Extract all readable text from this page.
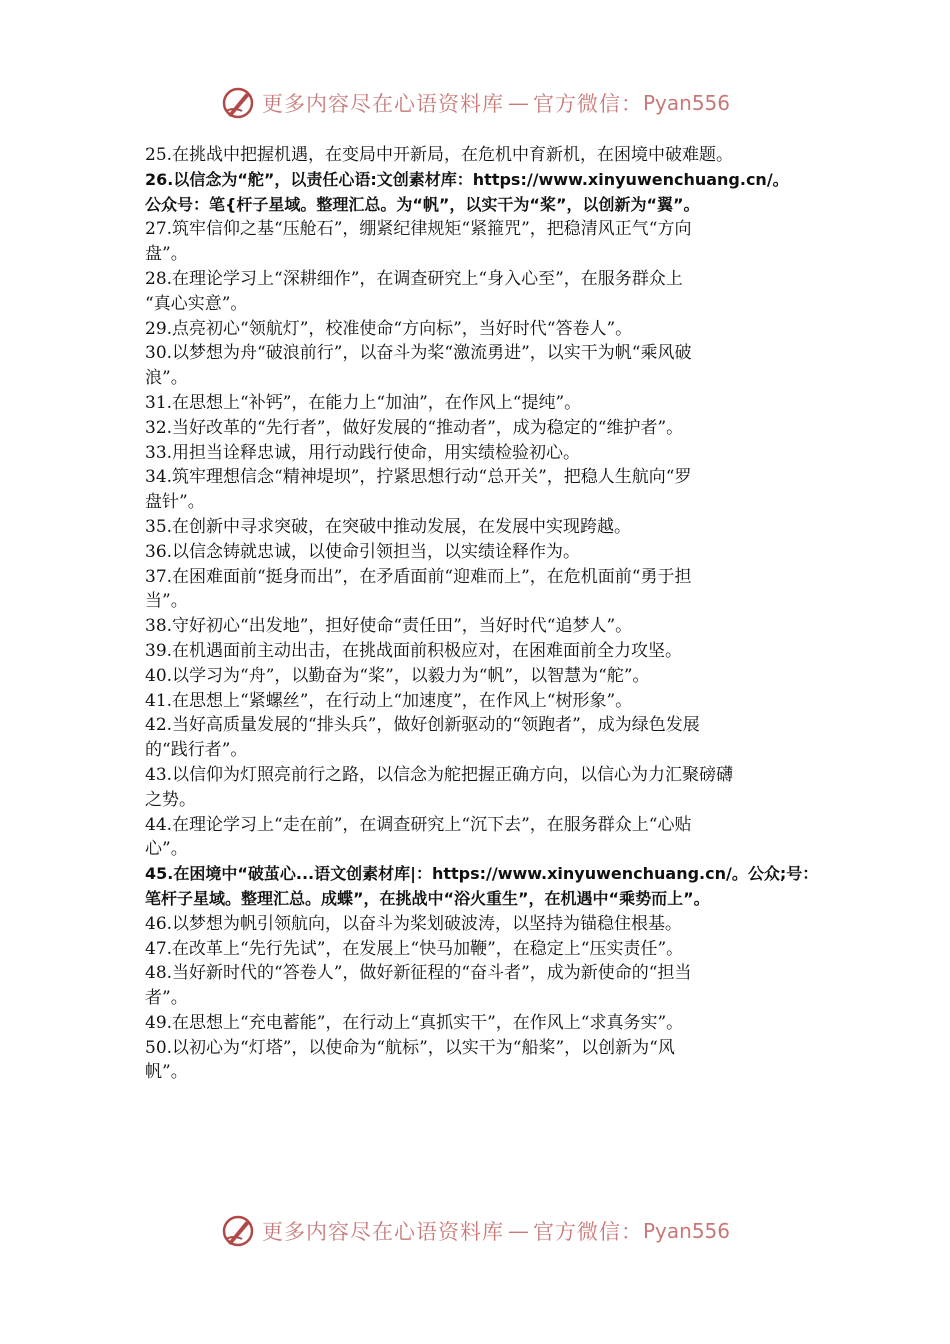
更多内容尽在心语资料库 — 官方微信： Pyan556
25.在挑战中把握机遇，在变局中开新局，在危机中育新机，在困境中破难题。
26.以信念为“舵”，以责任心语:文创素材库：https://www.xinyuwenchuang.cn/。
公众号：笔{杆子星域。整理汇总。为“帆”，以实干为“桨”，以创新为“翼”。
27.筑牢信仰之基“压舱石”，绷紧纪律规矩“紧箍咒”，把稳清风正气“方向
盘”。
28.在理论学习上“深耕细作”，在调查研究上“身入心至”，在服务群众上
“真心实意”。
29.点亮初心“领航灯”，校准使命“方向标”，当好时代“答卷人”。
30.以梦想为舟“破浪前行”，以奋斗为桨“激流勇进”，以实干为帆“乘风破
浪”。
31.在思想上“补钙”，在能力上“加油”，在作风上“提纯”。
32.当好改革的“先行者”，做好发展的“推动者”，成为稳定的“维护者”。
33.用担当诠释忠诚，用行动践行使命，用实绩检验初心。
34.筑牢理想信念“精神堤坝”，拧紧思想行动“总开关”，把稳人生航向“罗
盘针”。
35.在创新中寻求突破，在突破中推动发展，在发展中实现跨越。
36.以信念铸就忠诚，以使命引领担当，以实绩诠释作为。
37.在困难面前“挺身而出”，在矛盾面前“迎难而上”，在危机面前“勇于担
当”。
38.守好初心“出发地”，担好使命“责任田”，当好时代“追梦人”。
39.在机遇面前主动出击，在挑战面前积极应对，在困难面前全力攻坚。
40.以学习为“舟”，以勤奋为“桨”，以毅力为“帆”，以智慧为“舵”。
41.在思想上“紧螺丝”，在行动上“加速度”，在作风上“树形象”。
42.当好高质量发展的“排头兵”，做好创新驱动的“领跑者”，成为绿色发展
的“践行者”。
43.以信仰为灯照亮前行之路，以信念为舵把握正确方向，以信心为力汇聚磅礴
之势。
44.在理论学习上“走在前”，在调查研究上“沉下去”，在服务群众上“心贴
心”。
45.在困境中“破茧心...语文创素材库|：https://www.xinyuwenchuang.cn/。公众;号：
笔杆子星域。整理汇总。成蝶”，在挑战中“浴火重生”，在机遇中“乘势而上”。
46.以梦想为帆引领航向，以奋斗为桨划破波涛，以坚持为锚稳住根基。
47.在改革上“先行先试”，在发展上“快马加鞭”，在稳定上“压实责任”。
48.当好新时代的“答卷人”，做好新征程的“奋斗者”，成为新使命的“担当
者”。
49.在思想上“充电蓄能”，在行动上“真抓实干”，在作风上“求真务实”。
50.以初心为“灯塔”，以使命为“航标”，以实干为“船桨”，以创新为“风
帆”。
更多内容尽在心语资料库 — 官方微信： Pyan556
